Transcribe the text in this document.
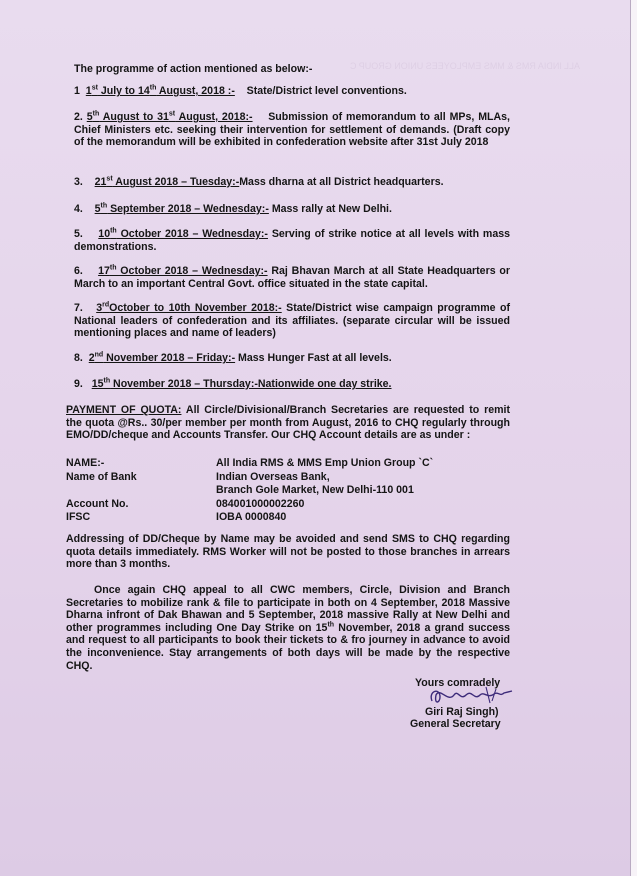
ALL INDIA RMS & MMS EMPLOYEES UNION GROUP C

The programme of action mentioned as below:-

1 1st July to 14th August, 2018 :- State/District level conventions.

2. 5th August to 31st August, 2018:- Submission of memorandum to all MPs, MLAs, Chief Ministers etc. seeking their intervention for settlement of demands. (Draft copy of the memorandum will be exhibited in confederation website after 31st July 2018

3. 21st August 2018 – Tuesday:-Mass dharna at all District headquarters.

4. 5th September 2018 – Wednesday:- Mass rally at New Delhi.

5. 10th October 2018 – Wednesday:- Serving of strike notice at all levels with mass demonstrations.

6. 17th October 2018 – Wednesday:- Raj Bhavan March at all State Headquarters or March to an important Central Govt. office situated in the state capital.

7. 3rdOctober to 10th November 2018:- State/District wise campaign programme of National leaders of confederation and its affiliates. (separate circular will be issued mentioning places and name of leaders)

8. 2nd November 2018 – Friday:- Mass Hunger Fast at all levels.

9. 15th November 2018 – Thursday:-Nationwide one day strike.

PAYMENT OF QUOTA: All Circle/Divisional/Branch Secretaries are requested to remit the quota @Rs.. 30/per member per month from August, 2016 to CHQ regularly through EMO/DD/cheque and Accounts Transfer. Our CHQ Account details are as under :

NAME:-	All India RMS & MMS Emp Union Group `C`
Name of Bank	Indian Overseas Bank,
Branch Gole Market, New Delhi-110 001
Account No.	084001000002260
IFSC	IOBA 0000840

Addressing of DD/Cheque by Name may be avoided and send SMS to CHQ regarding quota details immediately. RMS Worker will not be posted to those branches in arrears more than 3 months.

Once again CHQ appeal to all CWC members, Circle, Division and Branch Secretaries to mobilize rank & file to participate in both on 4 September, 2018 Massive Dharna infront of Dak Bhawan and 5 September, 2018 massive Rally at New Delhi and other programmes including One Day Strike on 15th November, 2018 a grand success and request to all participants to book their tickets to & fro journey in advance to avoid the inconvenience. Stay arrangements of both days will be made by the respective CHQ.

Yours comradely
Giri Raj Singh)
General Secretary
